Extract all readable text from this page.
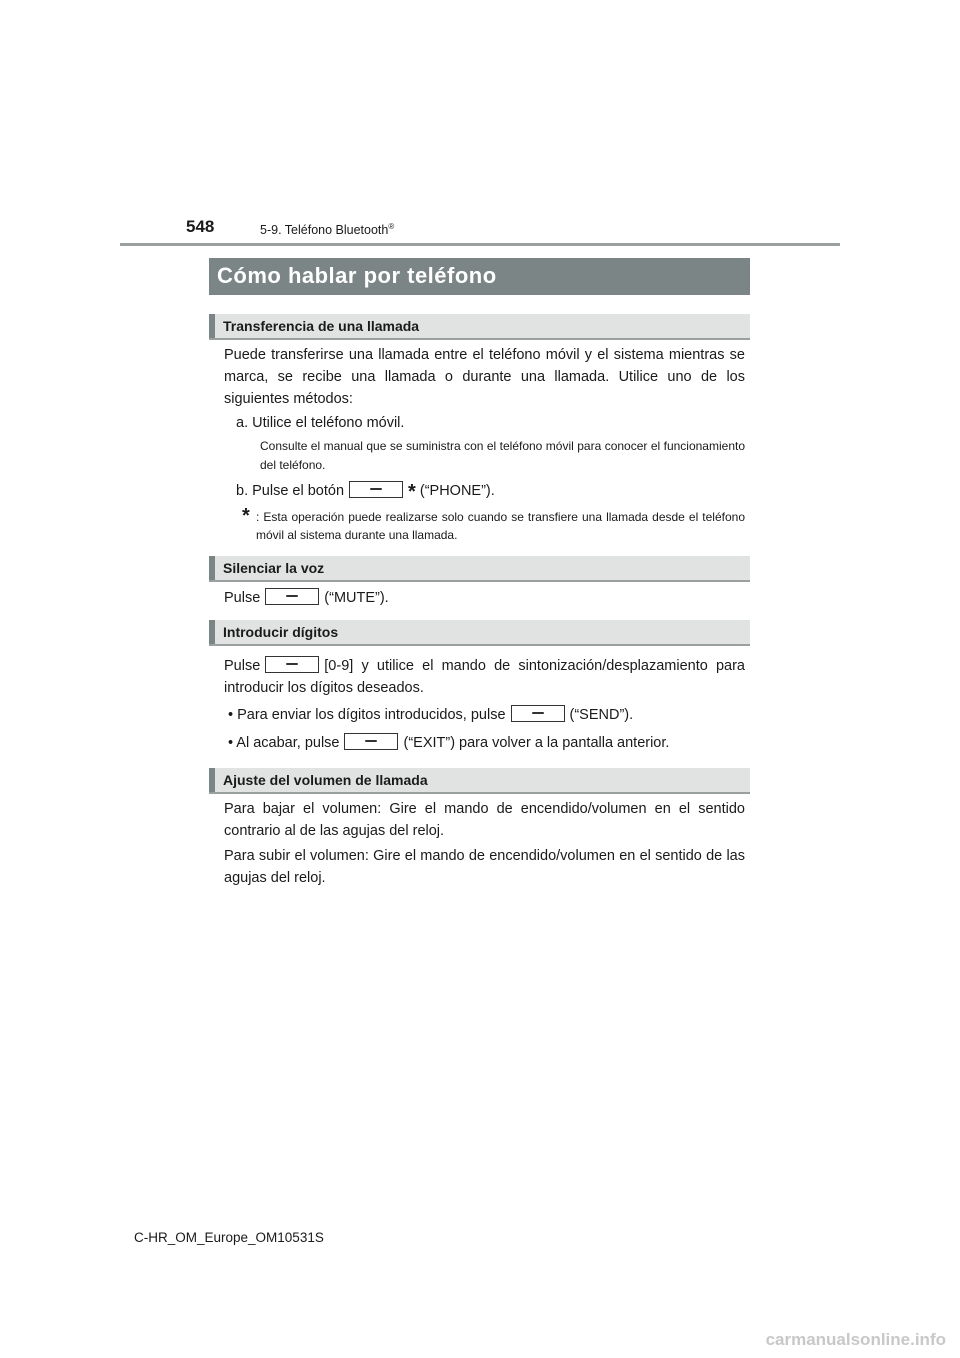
548	5-9. Teléfono Bluetooth®
Cómo hablar por teléfono
Transferencia de una llamada
Puede transferirse una llamada entre el teléfono móvil y el sistema mientras se marca, se recibe una llamada o durante una llamada. Utilice uno de los siguientes métodos:
a. Utilice el teléfono móvil.
Consulte el manual que se suministra con el teléfono móvil para conocer el funcionamiento del teléfono.
b. Pulse el botón	* (“PHONE”).
* : Esta operación puede realizarse solo cuando se transfiere una llamada desde el teléfono móvil al sistema durante una llamada.
Silenciar la voz
Pulse	(“MUTE”).
Introducir dígitos
Pulse	[0-9] y utilice el mando de sintonización/desplazamiento para introducir los dígitos deseados.
• Para enviar los dígitos introducidos, pulse	(“SEND”).
• Al acabar, pulse	(“EXIT”) para volver a la pantalla anterior.
Ajuste del volumen de llamada
Para bajar el volumen: Gire el mando de encendido/volumen en el sentido contrario al de las agujas del reloj.
Para subir el volumen: Gire el mando de encendido/volumen en el sentido de las agujas del reloj.
C-HR_OM_Europe_OM10531S
carmanualsonline.info
